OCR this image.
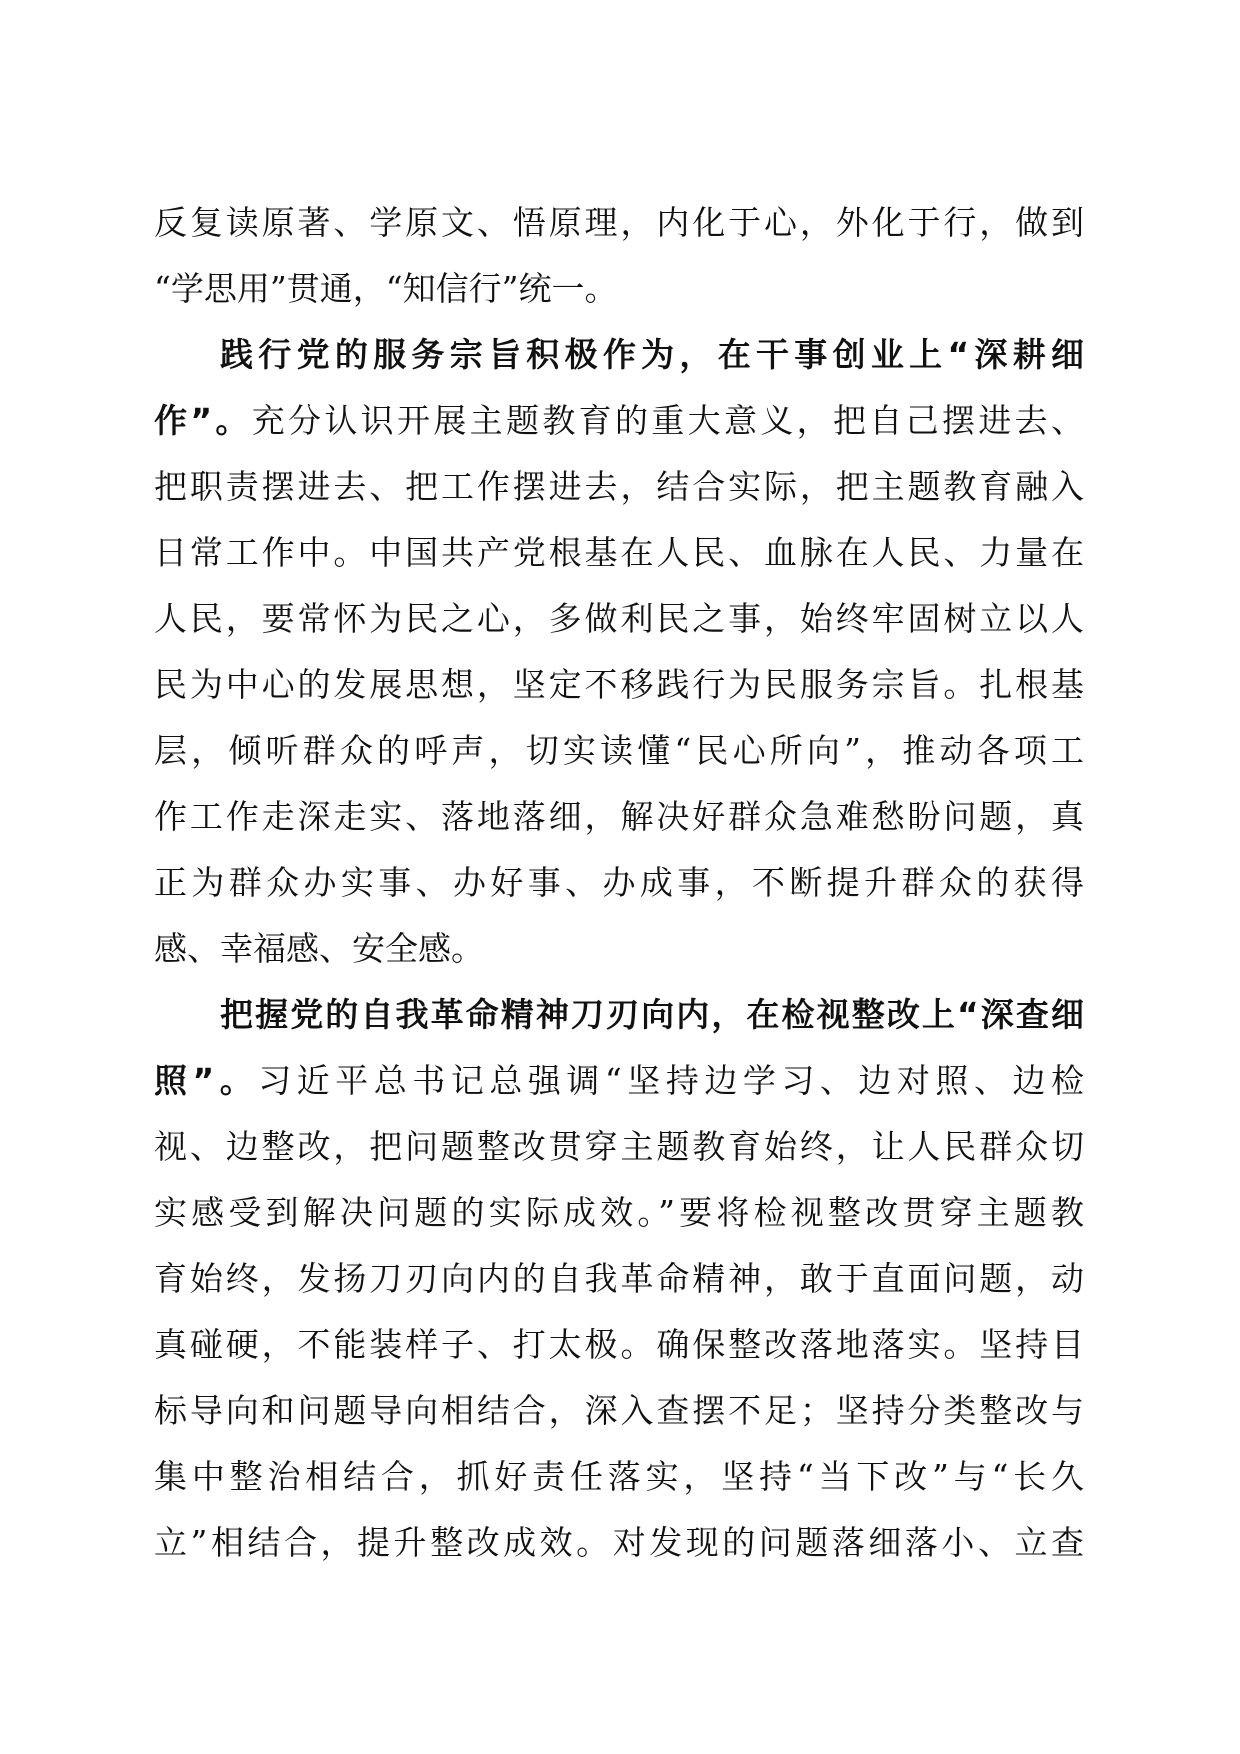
反复读原著、学原文、悟原理，内化于心，外化于行，做到
“学思用”贯通，“知信行”统一。
践行党的服务宗旨积极作为，在干事创业上“深耕细
作”。充分认识开展主题教育的重大意义，把自己摆进去、
把职责摆进去、把工作摆进去，结合实际，把主题教育融入
日常工作中。中国共产党根基在人民、血脉在人民、力量在
人民，要常怀为民之心，多做利民之事，始终牢固树立以人
民为中心的发展思想，坚定不移践行为民服务宗旨。扎根基
层，倾听群众的呼声，切实读懂“民心所向”，推动各项工
作工作走深走实、落地落细，解决好群众急难愁盼问题，真
正为群众办实事、办好事、办成事，不断提升群众的获得
感、幸福感、安全感。
把握党的自我革命精神刀刃向内，在检视整改上“深查细
照”。习近平总书记总强调“坚持边学习、边对照、边检
视、边整改，把问题整改贯穿主题教育始终，让人民群众切
实感受到解决问题的实际成效。”要将检视整改贯穿主题教
育始终，发扬刀刃向内的自我革命精神，敢于直面问题，动
真碰硬，不能装样子、打太极。确保整改落地落实。坚持目
标导向和问题导向相结合，深入查摆不足；坚持分类整改与
集中整治相结合，抓好责任落实，坚持“当下改”与“长久
立”相结合，提升整改成效。对发现的问题落细落小、立查
